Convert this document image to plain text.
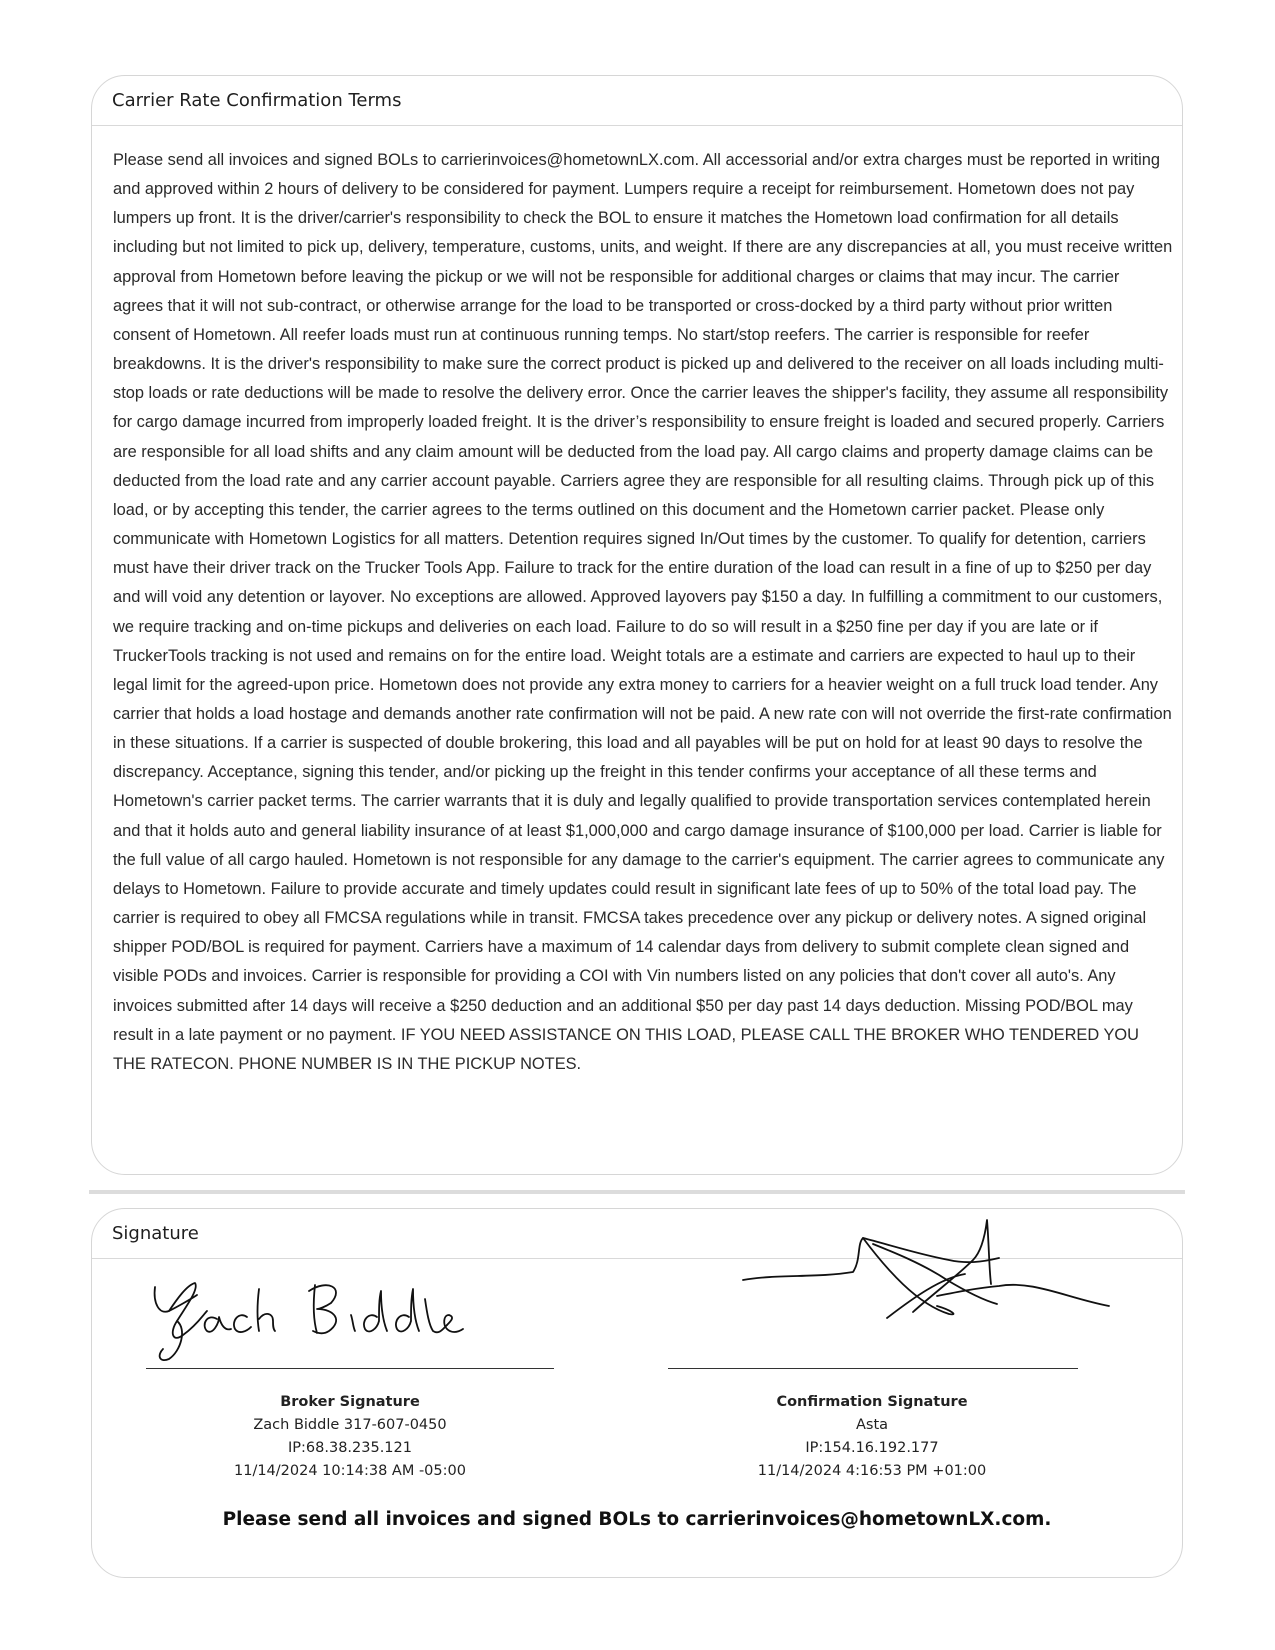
Carrier Rate Confirmation Terms
Please send all invoices and signed BOLs to carrierinvoices@hometownLX.com. All accessorial and/or extra charges must be reported in writing and approved within 2 hours of delivery to be considered for payment. Lumpers require a receipt for reimbursement. Hometown does not pay lumpers up front. It is the driver/carrier's responsibility to check the BOL to ensure it matches the Hometown load confirmation for all details including but not limited to pick up, delivery, temperature, customs, units, and weight. If there are any discrepancies at all, you must receive written approval from Hometown before leaving the pickup or we will not be responsible for additional charges or claims that may incur. The carrier agrees that it will not sub-contract, or otherwise arrange for the load to be transported or cross-docked by a third party without prior written consent of Hometown. All reefer loads must run at continuous running temps. No start/stop reefers. The carrier is responsible for reefer breakdowns. It is the driver's responsibility to make sure the correct product is picked up and delivered to the receiver on all loads including multi-stop loads or rate deductions will be made to resolve the delivery error. Once the carrier leaves the shipper's facility, they assume all responsibility for cargo damage incurred from improperly loaded freight. It is the driver’s responsibility to ensure freight is loaded and secured properly. Carriers are responsible for all load shifts and any claim amount will be deducted from the load pay. All cargo claims and property damage claims can be deducted from the load rate and any carrier account payable. Carriers agree they are responsible for all resulting claims. Through pick up of this load, or by accepting this tender, the carrier agrees to the terms outlined on this document and the Hometown carrier packet. Please only communicate with Hometown Logistics for all matters. Detention requires signed In/Out times by the customer. To qualify for detention, carriers must have their driver track on the Trucker Tools App. Failure to track for the entire duration of the load can result in a fine of up to $250 per day and will void any detention or layover. No exceptions are allowed. Approved layovers pay $150 a day. In fulfilling a commitment to our customers, we require tracking and on-time pickups and deliveries on each load. Failure to do so will result in a $250 fine per day if you are late or if TruckerTools tracking is not used and remains on for the entire load. Weight totals are a estimate and carriers are expected to haul up to their legal limit for the agreed-upon price. Hometown does not provide any extra money to carriers for a heavier weight on a full truck load tender. Any carrier that holds a load hostage and demands another rate confirmation will not be paid. A new rate con will not override the first-rate confirmation in these situations. If a carrier is suspected of double brokering, this load and all payables will be put on hold for at least 90 days to resolve the discrepancy. Acceptance, signing this tender, and/or picking up the freight in this tender confirms your acceptance of all these terms and Hometown's carrier packet terms. The carrier warrants that it is duly and legally qualified to provide transportation services contemplated herein and that it holds auto and general liability insurance of at least $1,000,000 and cargo damage insurance of $100,000 per load. Carrier is liable for the full value of all cargo hauled. Hometown is not responsible for any damage to the carrier's equipment. The carrier agrees to communicate any delays to Hometown. Failure to provide accurate and timely updates could result in significant late fees of up to 50% of the total load pay. The carrier is required to obey all FMCSA regulations while in transit. FMCSA takes precedence over any pickup or delivery notes. A signed original shipper POD/BOL is required for payment. Carriers have a maximum of 14 calendar days from delivery to submit complete clean signed and visible PODs and invoices. Carrier is responsible for providing a COI with Vin numbers listed on any policies that don't cover all auto's. Any invoices submitted after 14 days will receive a $250 deduction and an additional $50 per day past 14 days deduction. Missing POD/BOL may result in a late payment or no payment. IF YOU NEED ASSISTANCE ON THIS LOAD, PLEASE CALL THE BROKER WHO TENDERED YOU THE RATECON. PHONE NUMBER IS IN THE PICKUP NOTES.
Signature
Broker Signature
Zach Biddle 317-607-0450
IP:68.38.235.121
11/14/2024 10:14:38 AM -05:00
Confirmation Signature
Asta
IP:154.16.192.177
11/14/2024 4:16:53 PM +01:00
Please send all invoices and signed BOLs to carrierinvoices@hometownLX.com.
